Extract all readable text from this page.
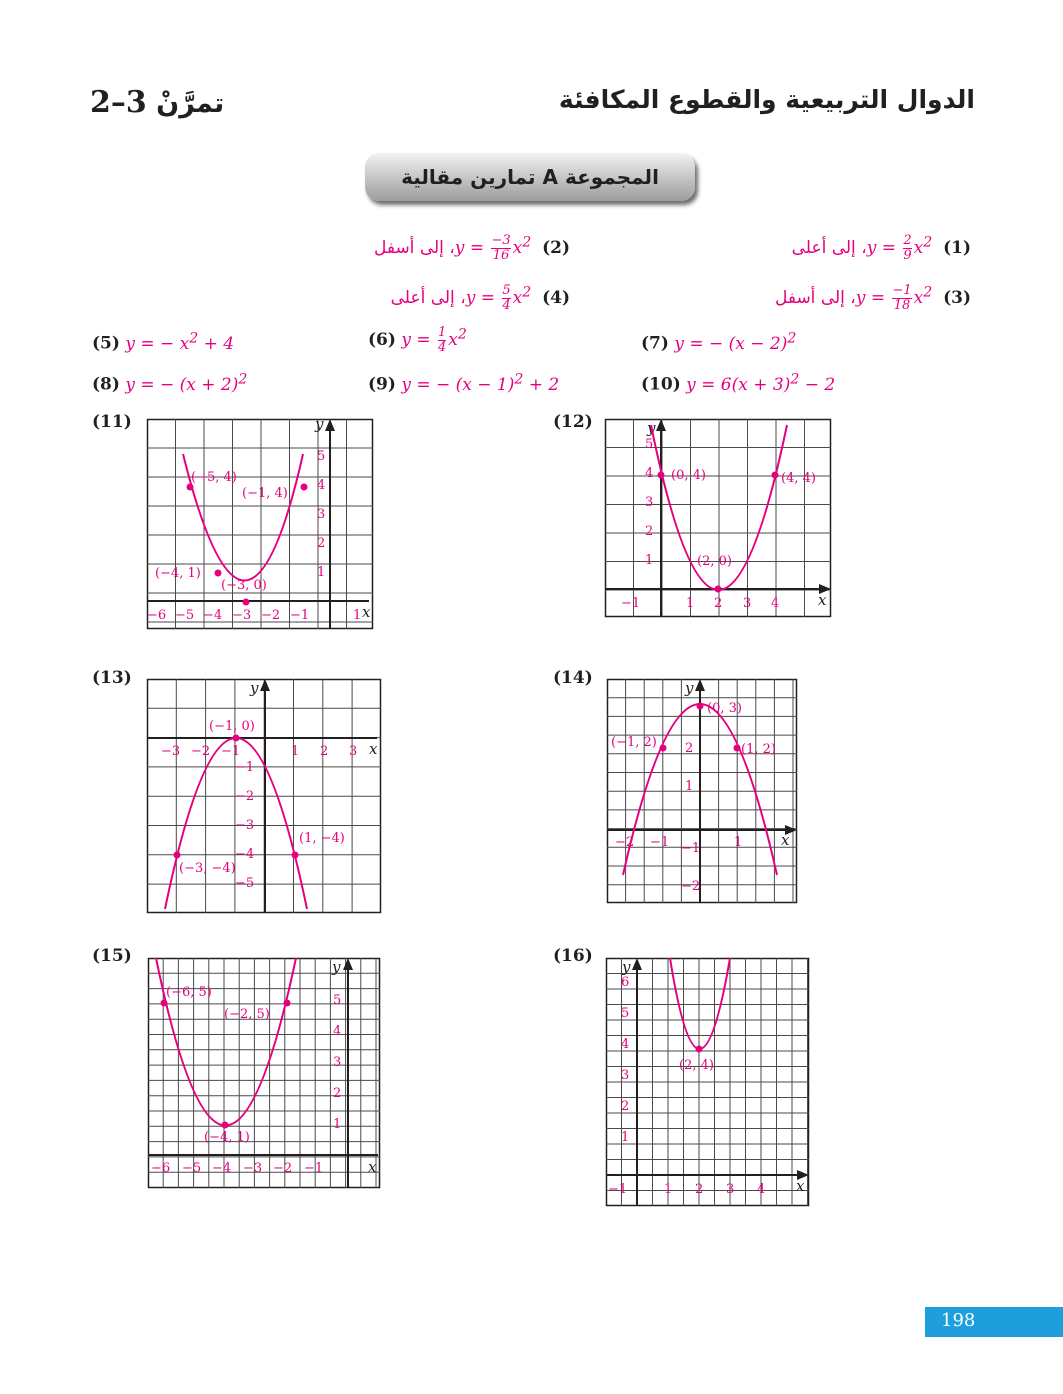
الدوال التربيعية والقطوع المكافئة
2–3 تمرَّنْ
المجموعة

A

تمارين مقالية
(1) $y = \frac{2}{9} x^2$ ، إلى أعلى
(2) $y = \frac{-3}{16} x^2$ ، إلى أسفل
(3) $y = \frac{-1}{18} x^2$ ، إلى أسفل
(4) $y = \frac{5}{4} x^2$ ، إلى أعلى
(5) y = − $x^2 + 4$	(6) $y = \frac{1}{4} x^2$	(7) y = − $(x - 2)^2$
(8) y = − $(x + 2)^2$	(9) y = − $(x - 1)^2 + 2$	(10) $y = 6(x + 3)^2 - 2$
(11)	(12)
(13)	(14)
(15)	(16)
y
x
(−5, 4)
(−1, 4)
(−4, 1)
(−3, 0)
−6 −5 −4 −3 −2 −1	1
1
2
3
4
5
y
x
(0, 4)	(4, 4)
(2, 0)
−1	1 2 3 4
1
2
3
4
5
y
x
(−1, 0)
(1, −4)
(−3, −4)
−3 −2 −1	1 2 3
−1
−2
−3
−4
−5
y
x
(0, 3)
(−1, 2)	(1, 2)
−2 −1	1
−1
−2
1
2
y
x
(−6, 5)
(−2, 5)
(−4, 1)
−6 −5 −4 −3 −2 −1
1
2
3
4
5
y
x
(2, 4)
−1	1 2 3 4
1
2
3
4
5
6
198
